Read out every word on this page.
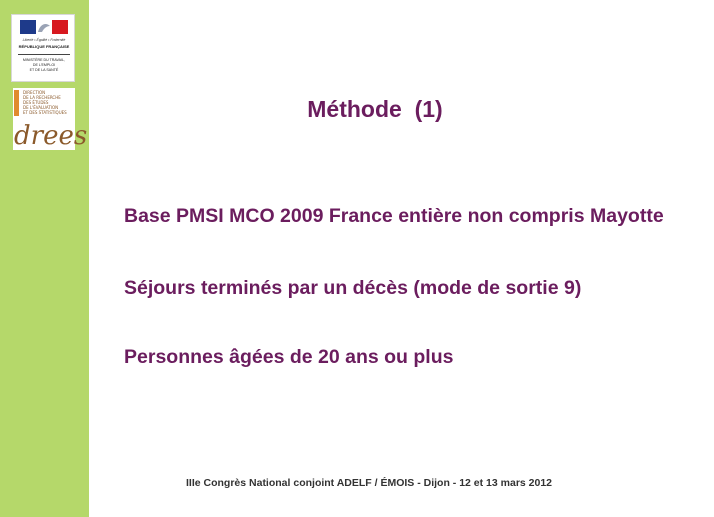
Liberté • Égalité • Fraternité
RÉPUBLIQUE FRANÇAISE
MINISTÈRE DU TRAVAIL,
DE L'EMPLOI
ET DE LA SANTÉ
DIRECTION
DE LA RECHERCHE
DES ÉTUDES
DE L'ÉVALUATION
ET DES STATISTIQUES
drees
Méthode  (1)
Base PMSI MCO 2009 France entière non compris Mayotte
Séjours terminés par un décès (mode de sortie 9)
Personnes âgées de 20 ans ou plus
IIIe Congrès National conjoint ADELF / ÉMOIS - Dijon - 12 et 13 mars 2012
